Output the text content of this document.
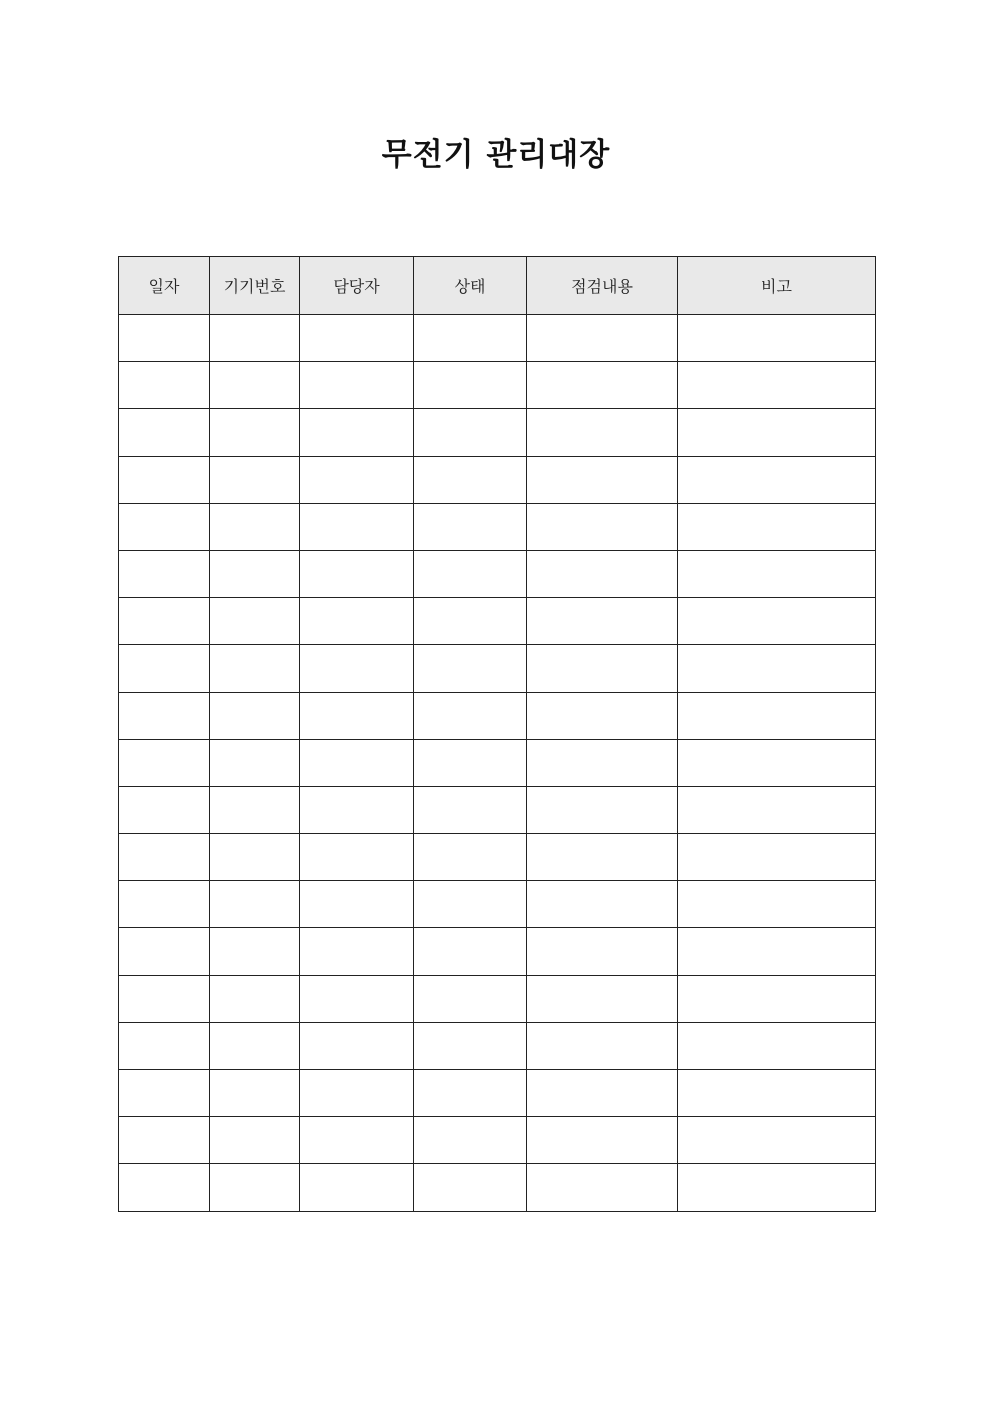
무전기 관리대장
일자	기기번호	담당자	상태	점검내용	비고
